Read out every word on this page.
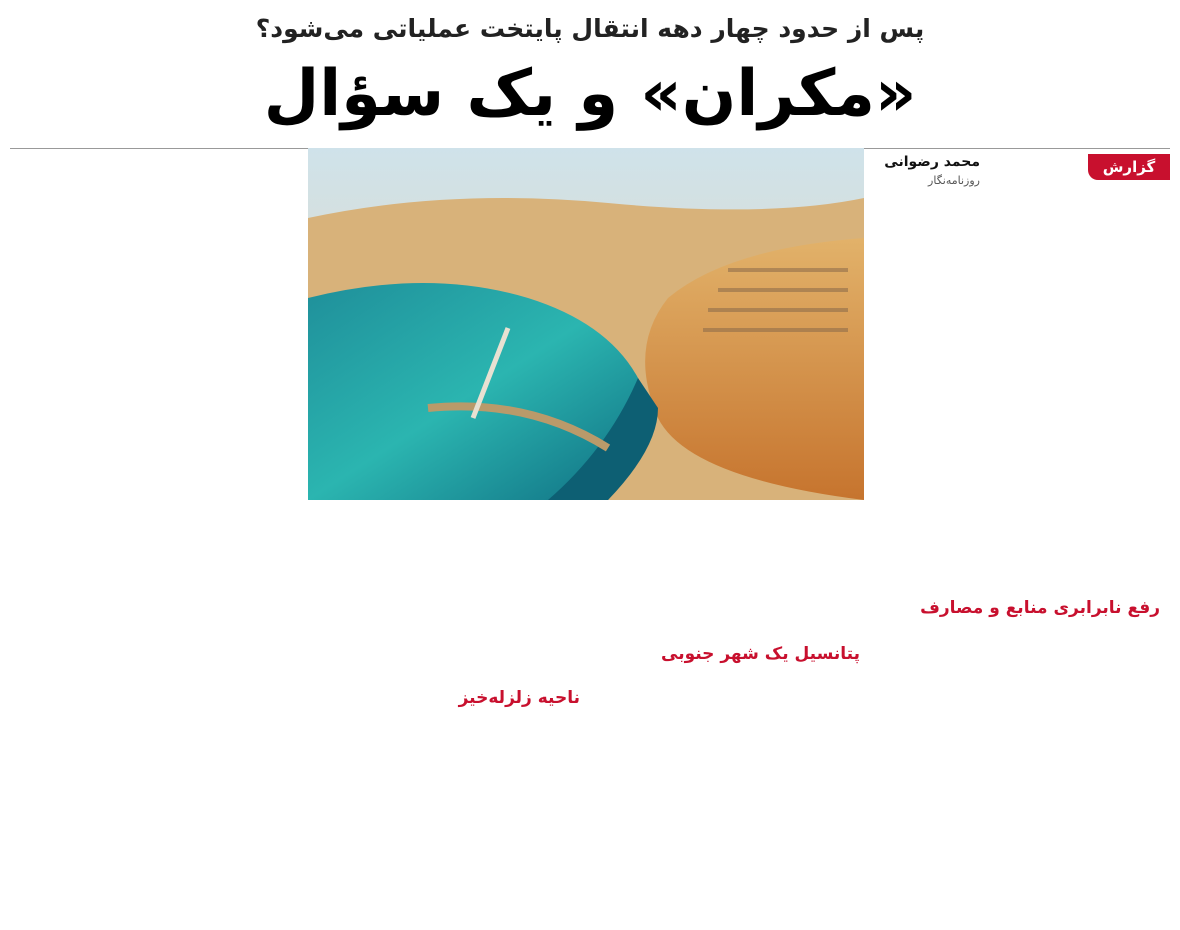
پس از حدود چهار دهه انتقال پایتخت عملیاتی می‌شود؟
«مکران» و یک سؤال
گزارش
محمد رضوانی
روزنامه‌نگار
رفع نابرابری منابع و مصارف
پتانسیل یک شهر جنوبی
ناحیه زلزله‌خیز
